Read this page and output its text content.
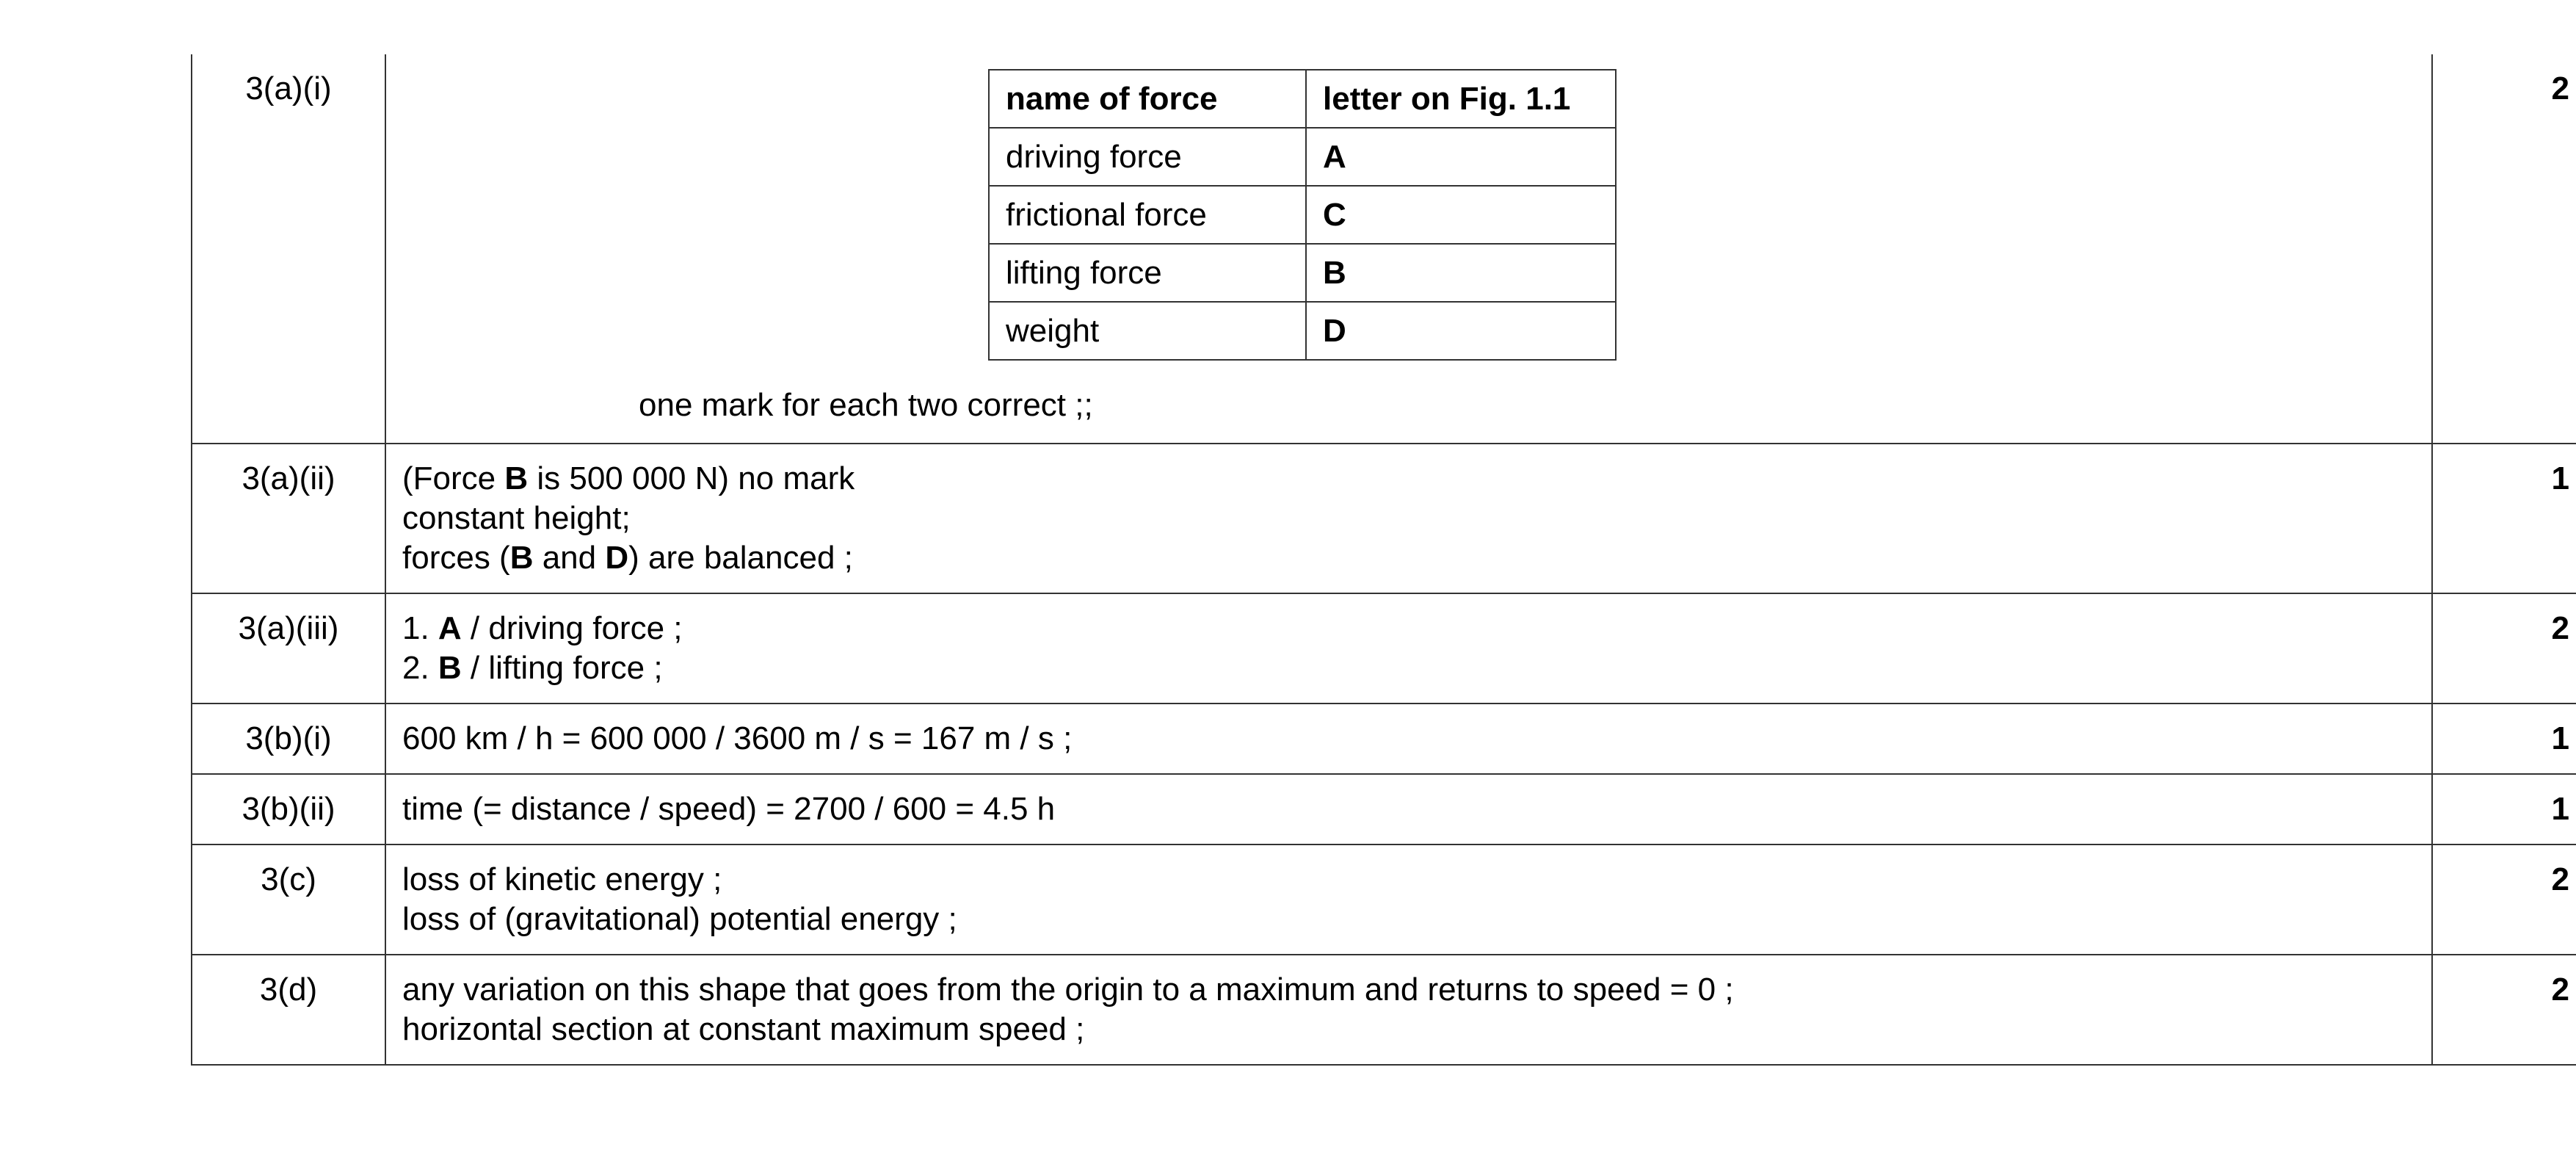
3(a)(i)		name of force	letter on Fig. 1.1
driving force	A
frictional force	C
lifting force	B
weight	D
one mark for each two correct ;;
	2
3(a)(ii)	(Force B is 500 000 N) no mark
constant height;
forces (B and D) are balanced ;
	1
3(a)(iii)	1. A / driving force ;
2. B / lifting force ;
	2
3(b)(i)	600 km / h = 600 000 / 3600 m / s = 167 m / s ;	1
3(b)(ii)	time (= distance / speed) = 2700 / 600 = 4.5 h	1
3(c)	loss of kinetic energy ;
loss of (gravitational) potential energy ;
	2
3(d)	any variation on this shape that goes from the origin to a maximum and returns to speed = 0 ;
horizontal section at constant maximum speed ;
	2
